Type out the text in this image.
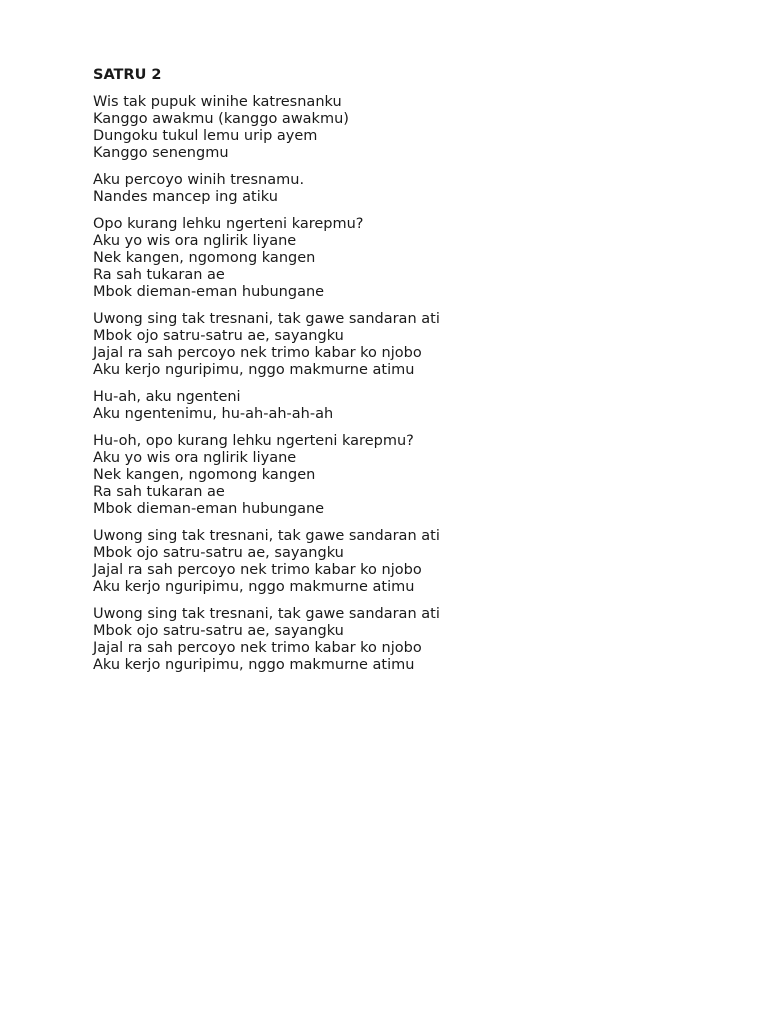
SATRU 2
Wis tak pupuk winihe katresnanku
Kanggo awakmu (kanggo awakmu)
Dungoku tukul lemu urip ayem
Kanggo senengmu
Aku percoyo winih tresnamu.
Nandes mancep ing atiku
Opo kurang lehku ngerteni karepmu?
Aku yo wis ora nglirik liyane
Nek kangen, ngomong kangen
Ra sah tukaran ae
Mbok dieman-eman hubungane
Uwong sing tak tresnani, tak gawe sandaran ati
Mbok ojo satru-satru ae, sayangku
Jajal ra sah percoyo nek trimo kabar ko njobo
Aku kerjo nguripimu, nggo makmurne atimu
Hu-ah, aku ngenteni
Aku ngentenimu, hu-ah-ah-ah-ah
Hu-oh, opo kurang lehku ngerteni karepmu?
Aku yo wis ora nglirik liyane
Nek kangen, ngomong kangen
Ra sah tukaran ae
Mbok dieman-eman hubungane
Uwong sing tak tresnani, tak gawe sandaran ati
Mbok ojo satru-satru ae, sayangku
Jajal ra sah percoyo nek trimo kabar ko njobo
Aku kerjo nguripimu, nggo makmurne atimu
Uwong sing tak tresnani, tak gawe sandaran ati
Mbok ojo satru-satru ae, sayangku
Jajal ra sah percoyo nek trimo kabar ko njobo
Aku kerjo nguripimu, nggo makmurne atimu
